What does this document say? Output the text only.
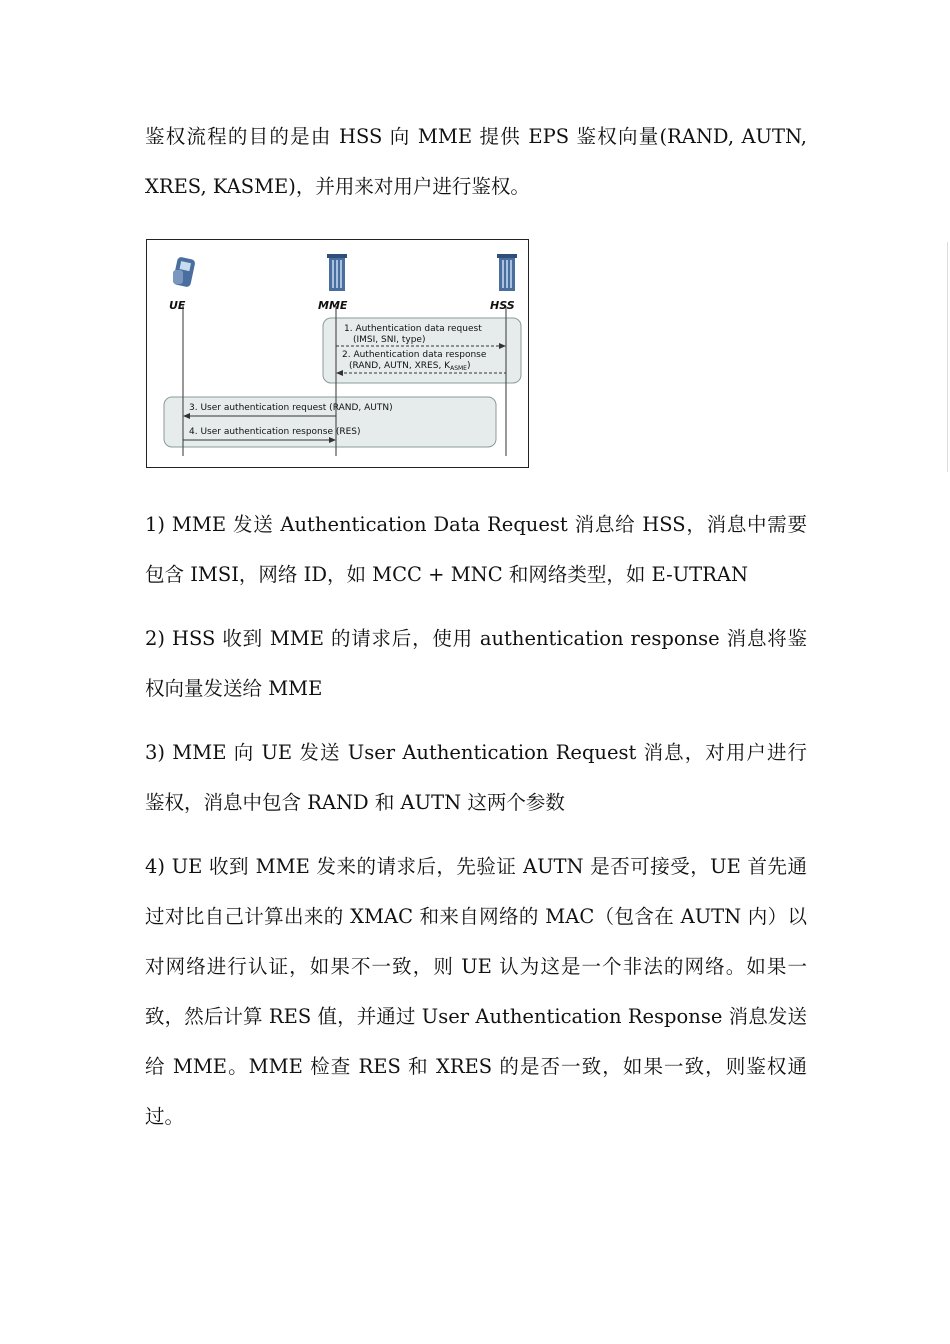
鉴权流程的目的是由 HSS 向 MME 提供 EPS 鉴权向量(RAND, AUTN, XRES, KASME)，并用来对用户进行鉴权。

UE	MME	HSS
1. Authentication data request
(IMSI, SNI, type)
2. Authentication data response
(RAND, AUTN, XRES, $K_{ASME}$)
3. User authentication request (RAND, AUTN)
4. User authentication response (RES)

1) MME 发送 Authentication Data Request 消息给 HSS，消息中需要包含 IMSI，网络 ID，如 MCC + MNC 和网络类型，如 E-UTRAN

2) HSS 收到 MME 的请求后，使用 authentication response 消息将鉴权向量发送给 MME

3) MME 向 UE 发送 User Authentication Request 消息，对用户进行鉴权，消息中包含 RAND 和 AUTN 这两个参数

4) UE 收到 MME 发来的请求后，先验证 AUTN 是否可接受，UE 首先通过对比自己计算出来的 XMAC 和来自网络的 MAC（包含在 AUTN 内）以对网络进行认证，如果不一致，则 UE 认为这是一个非法的网络。如果一致，然后计算 RES 值，并通过 User Authentication Response 消息发送给 MME。MME 检查 RES 和 XRES 的是否一致，如果一致，则鉴权通过。
